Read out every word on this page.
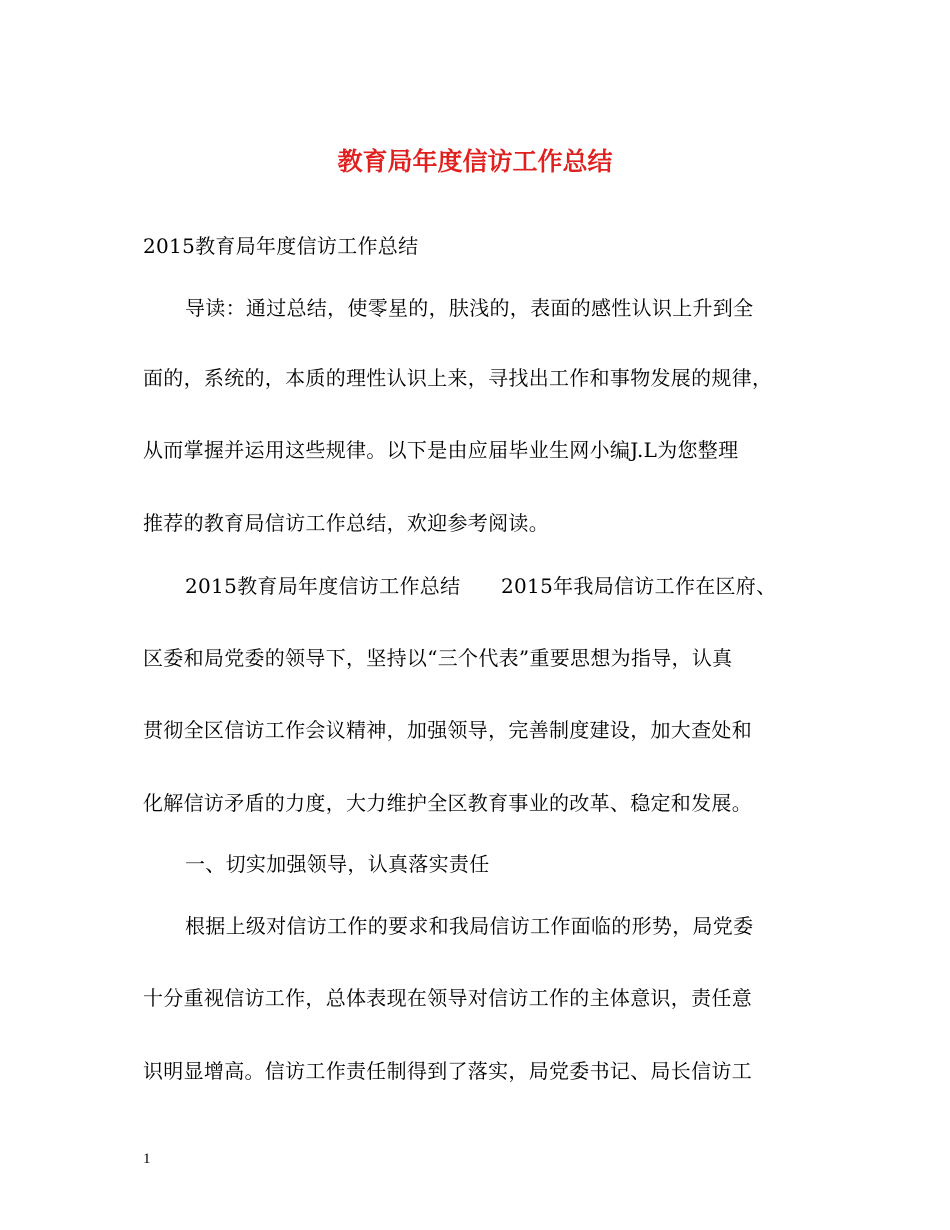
教育局年度信访工作总结
2015教育局年度信访工作总结
导读：通过总结，使零星的，肤浅的，表面的感性认识上升到全
面的，系统的，本质的理性认识上来，寻找出工作和事物发展的规律，
从而掌握并运用这些规律。以下是由应届毕业生网小编J.L为您整理
推荐的教育局信访工作总结，欢迎参考阅读。
2015教育局年度信访工作总结　　2015年我局信访工作在区府、
区委和局党委的领导下，坚持以“三个代表”重要思想为指导，认真
贯彻全区信访工作会议精神，加强领导，完善制度建设，加大查处和
化解信访矛盾的力度，大力维护全区教育事业的改革、稳定和发展。
一、切实加强领导，认真落实责任
根据上级对信访工作的要求和我局信访工作面临的形势，局党委
十分重视信访工作，总体表现在领导对信访工作的主体意识，责任意
识明显增高。信访工作责任制得到了落实，局党委书记、局长信访工
1
